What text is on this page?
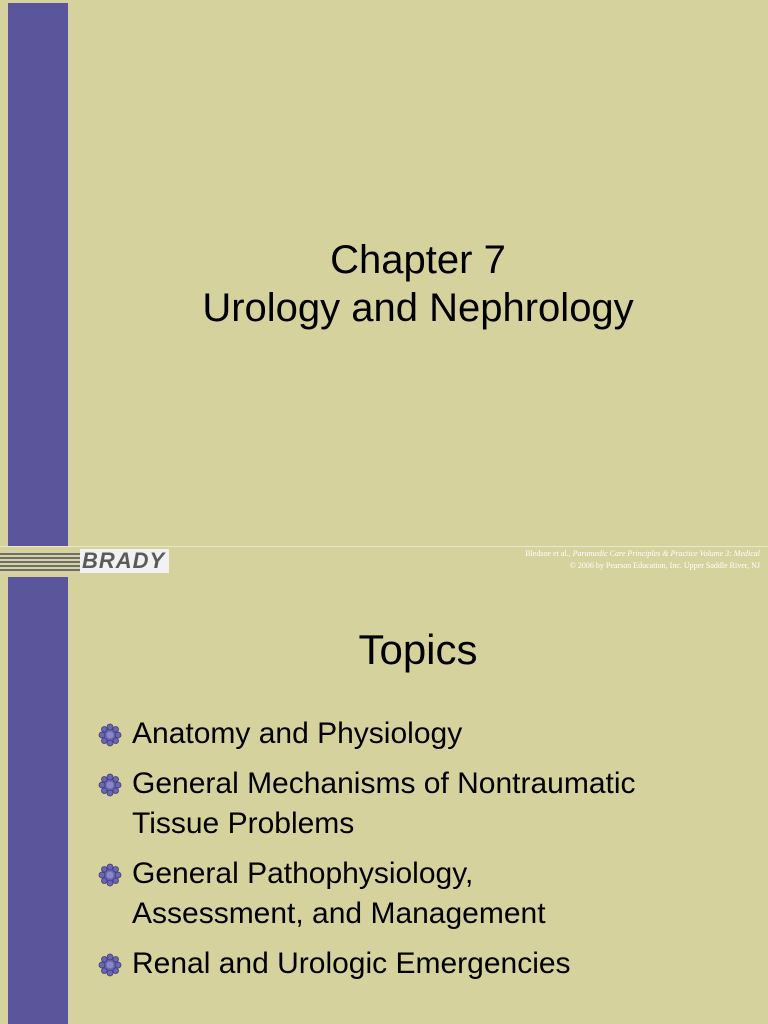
Chapter 7
Urology and Nephrology
BRADY	Bledsoe et al., Paramedic Care Principles & Practice Volume 3: Medical
© 2006 by Pearson Education, Inc. Upper Saddle River, NJ
Topics
Anatomy and Physiology
General Mechanisms of Nontraumatic
Tissue Problems
General Pathophysiology,
Assessment, and Management
Renal and Urologic Emergencies
